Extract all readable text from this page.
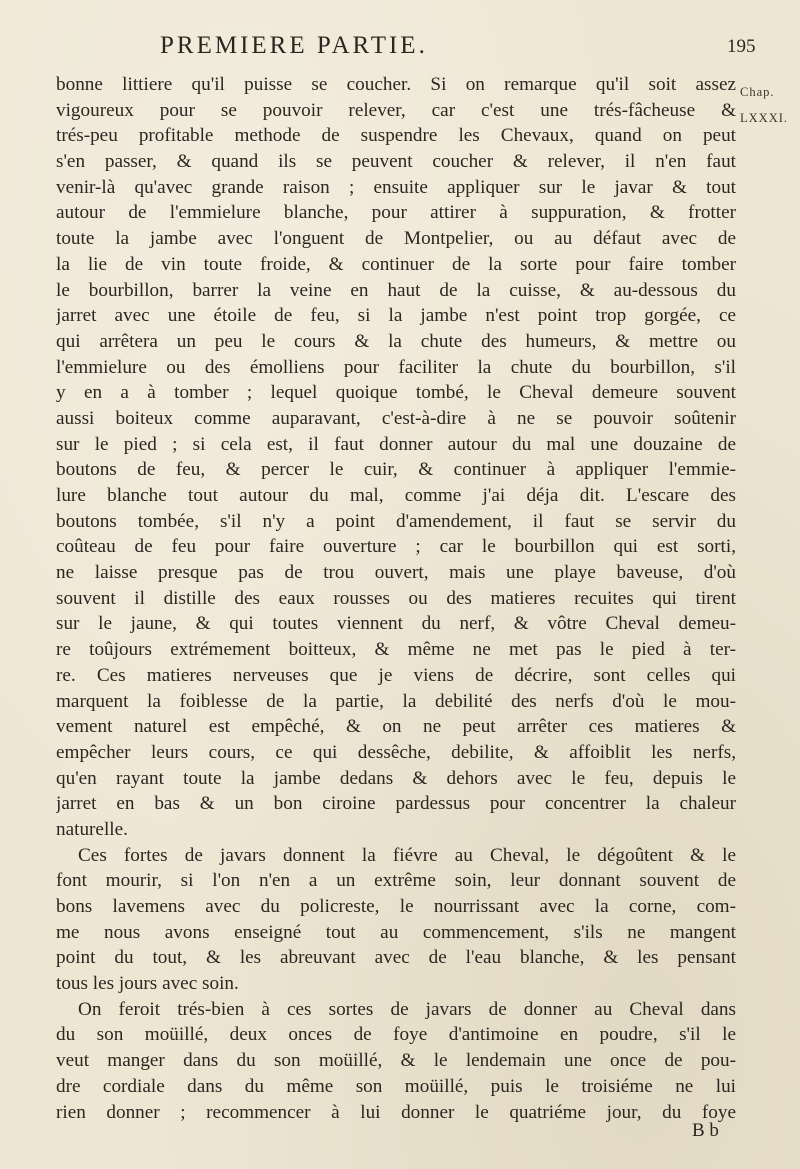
PREMIERE PARTIE.	195
Chap.
LXXXI.
bonne littiere qu'il puisse se coucher. Si on remarque qu'il soit assez
vigoureux pour se pouvoir relever, car c'est une trés-fâcheuse &
trés-peu profitable methode de suspendre les Chevaux, quand on peut
s'en passer, & quand ils se peuvent coucher & relever, il n'en faut
venir-là qu'avec grande raison ; ensuite appliquer sur le javar & tout
autour de l'emmielure blanche, pour attirer à suppuration, & frotter
toute la jambe avec l'onguent de Montpelier, ou au défaut avec de
la lie de vin toute froide, & continuer de la sorte pour faire tomber
le bourbillon, barrer la veine en haut de la cuisse, & au-dessous du
jarret avec une étoile de feu, si la jambe n'est point trop gorgée, ce
qui arrêtera un peu le cours & la chute des humeurs, & mettre ou
l'emmielure ou des émolliens pour faciliter la chute du bourbillon, s'il
y en a à tomber ; lequel quoique tombé, le Cheval demeure souvent
aussi boiteux comme auparavant, c'est-à-dire à ne se pouvoir soûtenir
sur le pied ; si cela est, il faut donner autour du mal une douzaine de
boutons de feu, & percer le cuir, & continuer à appliquer l'emmie-
lure blanche tout autour du mal, comme j'ai déja dit. L'escare des
boutons tombée, s'il n'y a point d'amendement, il faut se servir du
coûteau de feu pour faire ouverture ; car le bourbillon qui est sorti,
ne laisse presque pas de trou ouvert, mais une playe baveuse, d'où
souvent il distille des eaux rousses ou des matieres recuites qui tirent
sur le jaune, & qui toutes viennent du nerf, & vôtre Cheval demeu-
re toûjours extrémement boitteux, & même ne met pas le pied à ter-
re. Ces matieres nerveuses que je viens de décrire, sont celles qui
marquent la foiblesse de la partie, la debilité des nerfs d'où le mou-
vement naturel est empêché, & on ne peut arrêter ces matieres &
empêcher leurs cours, ce qui dessêche, debilite, & affoiblit les nerfs,
qu'en rayant toute la jambe dedans & dehors avec le feu, depuis le
jarret en bas & un bon ciroine pardessus pour concentrer la chaleur
naturelle.
Ces fortes de javars donnent la fiévre au Cheval, le dégoûtent & le
font mourir, si l'on n'en a un extrême soin, leur donnant souvent de
bons lavemens avec du policreste, le nourrissant avec la corne, com-
me nous avons enseigné tout au commencement, s'ils ne mangent
point du tout, & les abreuvant avec de l'eau blanche, & les pensant
tous les jours avec soin.
On feroit trés-bien à ces sortes de javars de donner au Cheval dans
du son moüillé, deux onces de foye d'antimoine en poudre, s'il le
veut manger dans du son moüillé, & le lendemain une once de pou-
dre cordiale dans du même son moüillé, puis le troisiéme ne lui
rien donner ; recommencer à lui donner le quatriéme jour, du foye
B b
